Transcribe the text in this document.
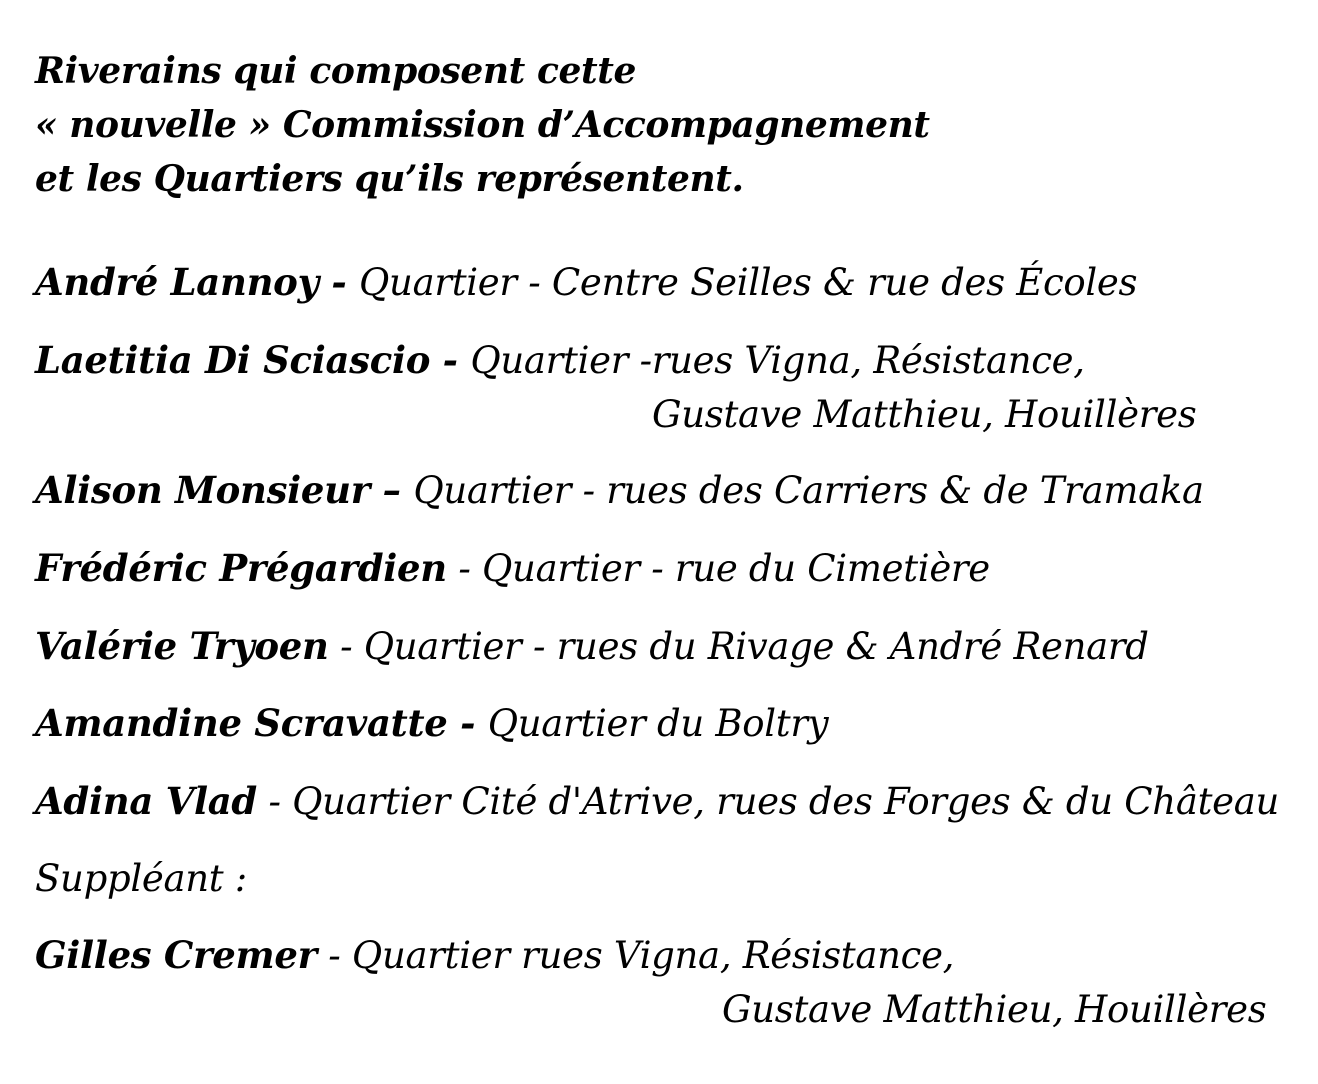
Riverains qui composent cette
« nouvelle » Commission d’Accompagnement
et les Quartiers qu’ils représentent.
André Lannoy - Quartier - Centre Seilles & rue des Écoles
Laetitia Di Sciascio - Quartier -rues Vigna, Résistance,
Gustave Matthieu, Houillères
Alison Monsieur – Quartier - rues des Carriers & de Tramaka
Frédéric Prégardien - Quartier - rue du Cimetière
Valérie Tryoen - Quartier - rues du Rivage & André Renard
Amandine Scravatte - Quartier du Boltry
Adina Vlad - Quartier Cité d'Atrive, rues des Forges & du Château
Suppléant :
Gilles Cremer - Quartier rues Vigna, Résistance,
Gustave Matthieu, Houillères
